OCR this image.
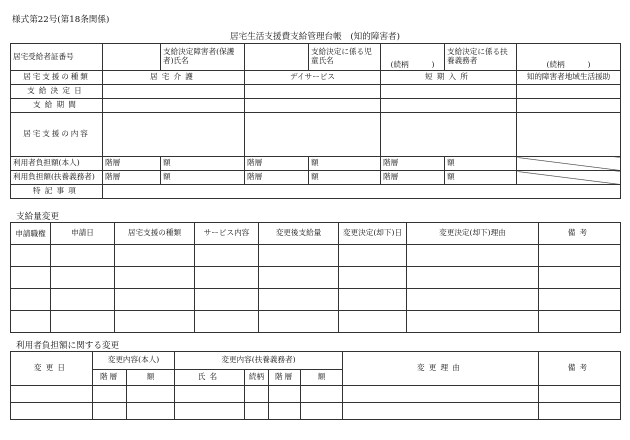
様式第22号(第18条関係)
居宅生活支援費支給管理台帳　(知的障害者)
居宅受給者証番号		支給決定障害者(保護者)氏名		支給決定に係る児童氏名	(続柄　　　)	支給決定に係る扶養義務者	(続柄　　　)
居宅支援の種類	居宅介護		デイサービス		短期入所		知的障害者地域生活援助
支給決定日							
支給期間							
居宅支援の内容							
利用者負担額(本人)	階層	額	階層	額	階層	額	
利用負担額(扶養義務者)	階層	額	階層	額	階層	額	
特記事項							
支給量変更
申請職権	申請日	居宅支援の種類	サービス内容	変更後支給量	変更決定(却下)日	変更決定(却下)理由	備考

利用者負担額に関する変更
変更日	変更内容(本人)		変更内容(扶養義務者)				変更理由	備考
	階層	額	氏名	続柄	階層	額		
